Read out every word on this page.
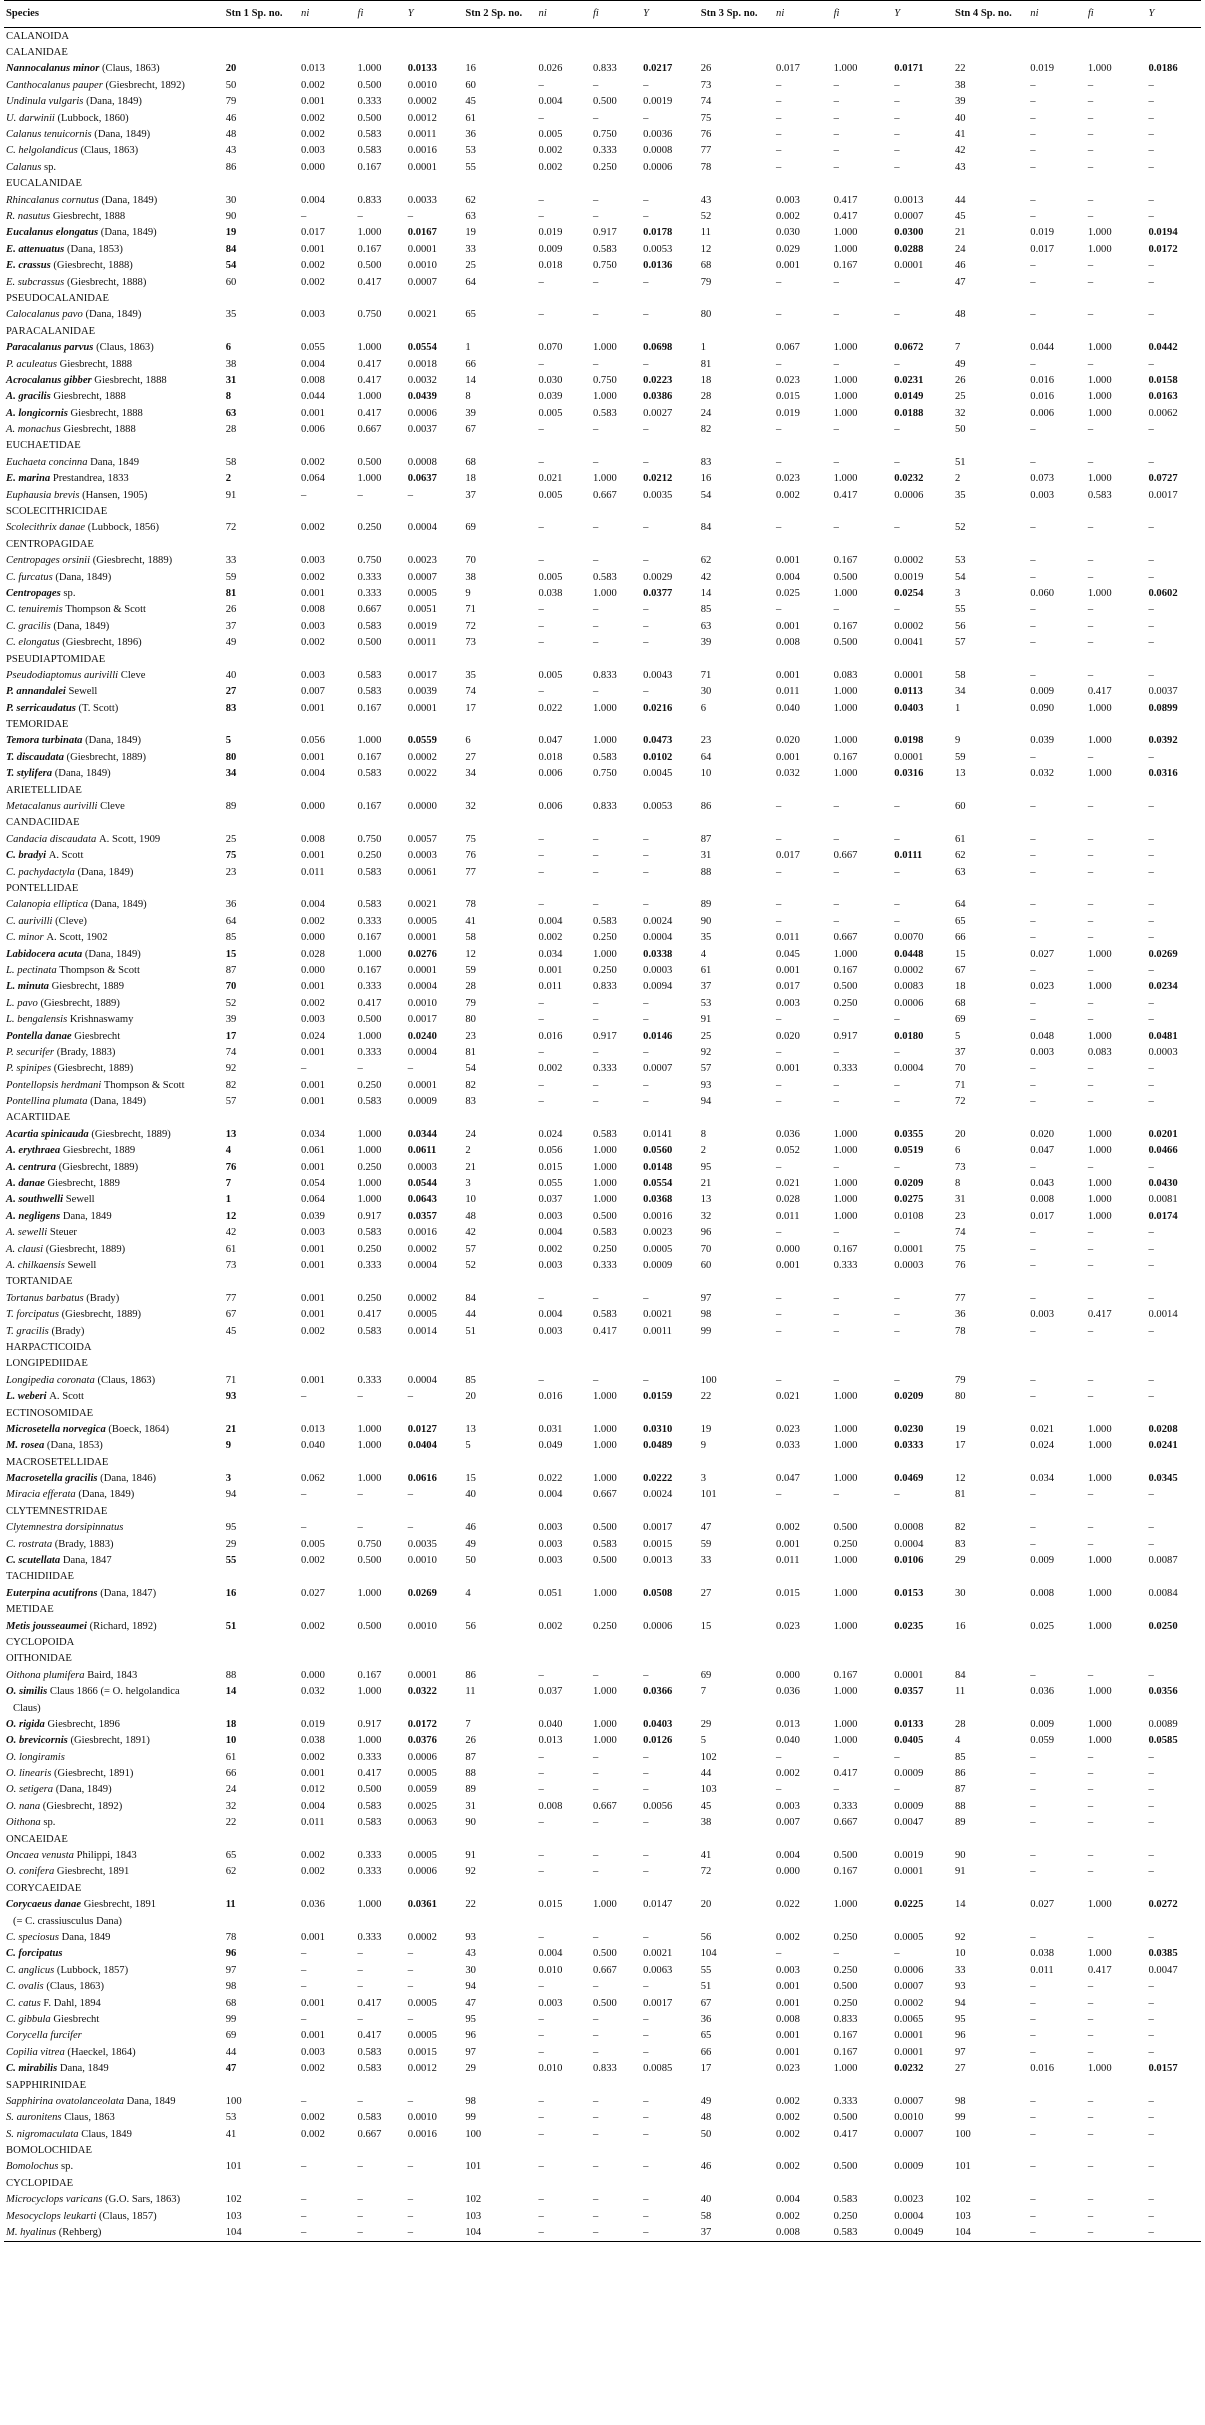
Species	Stn 1 Sp. no.	ni	fi	Y	Stn 2 Sp. no.	ni	fi	Y	Stn 3 Sp. no.	ni	fi	Y	Stn 4 Sp. no.	ni	fi	Y
CALANOIDA																
CALANIDAE																
Nannocalanus minor (Claus, 1863)	20	0.013	1.000	0.0133	16	0.026	0.833	0.0217	26	0.017	1.000	0.0171	22	0.019	1.000	0.0186
Canthocalanus pauper (Giesbrecht, 1892)	50	0.002	0.500	0.0010	60	–	–	–	73	–	–	–	38	–	–	–
Undinula vulgaris (Dana, 1849)	79	0.001	0.333	0.0002	45	0.004	0.500	0.0019	74	–	–	–	39	–	–	–
U. darwinii (Lubbock, 1860)	46	0.002	0.500	0.0012	61	–	–	–	75	–	–	–	40	–	–	–
Calanus tenuicornis (Dana, 1849)	48	0.002	0.583	0.0011	36	0.005	0.750	0.0036	76	–	–	–	41	–	–	–
C. helgolandicus (Claus, 1863)	43	0.003	0.583	0.0016	53	0.002	0.333	0.0008	77	–	–	–	42	–	–	–
Calanus sp.	86	0.000	0.167	0.0001	55	0.002	0.250	0.0006	78	–	–	–	43	–	–	–
EUCALANIDAE																
Rhincalanus cornutus (Dana, 1849)	30	0.004	0.833	0.0033	62	–	–	–	43	0.003	0.417	0.0013	44	–	–	–
R. nasutus Giesbrecht, 1888	90	–	–	–	63	–	–	–	52	0.002	0.417	0.0007	45	–	–	–
Eucalanus elongatus (Dana, 1849)	19	0.017	1.000	0.0167	19	0.019	0.917	0.0178	11	0.030	1.000	0.0300	21	0.019	1.000	0.0194
E. attenuatus (Dana, 1853)	84	0.001	0.167	0.0001	33	0.009	0.583	0.0053	12	0.029	1.000	0.0288	24	0.017	1.000	0.0172
E. crassus (Giesbrecht, 1888)	54	0.002	0.500	0.0010	25	0.018	0.750	0.0136	68	0.001	0.167	0.0001	46	–	–	–
E. subcrassus (Giesbrecht, 1888)	60	0.002	0.417	0.0007	64	–	–	–	79	–	–	–	47	–	–	–
PSEUDOCALANIDAE																
Calocalanus pavo (Dana, 1849)	35	0.003	0.750	0.0021	65	–	–	–	80	–	–	–	48	–	–	–
PARACALANIDAE																
Paracalanus parvus (Claus, 1863)	6	0.055	1.000	0.0554	1	0.070	1.000	0.0698	1	0.067	1.000	0.0672	7	0.044	1.000	0.0442
P. aculeatus Giesbrecht, 1888	38	0.004	0.417	0.0018	66	–	–	–	81	–	–	–	49	–	–	–
Acrocalanus gibber Giesbrecht, 1888	31	0.008	0.417	0.0032	14	0.030	0.750	0.0223	18	0.023	1.000	0.0231	26	0.016	1.000	0.0158
A. gracilis Giesbrecht, 1888	8	0.044	1.000	0.0439	8	0.039	1.000	0.0386	28	0.015	1.000	0.0149	25	0.016	1.000	0.0163
A. longicornis Giesbrecht, 1888	63	0.001	0.417	0.0006	39	0.005	0.583	0.0027	24	0.019	1.000	0.0188	32	0.006	1.000	0.0062
A. monachus Giesbrecht, 1888	28	0.006	0.667	0.0037	67	–	–	–	82	–	–	–	50	–	–	–
EUCHAETIDAE																
Euchaeta concinna Dana, 1849	58	0.002	0.500	0.0008	68	–	–	–	83	–	–	–	51	–	–	–
E. marina Prestandrea, 1833	2	0.064	1.000	0.0637	18	0.021	1.000	0.0212	16	0.023	1.000	0.0232	2	0.073	1.000	0.0727
Euphausia brevis (Hansen, 1905)	91	–	–	–	37	0.005	0.667	0.0035	54	0.002	0.417	0.0006	35	0.003	0.583	0.0017
SCOLECITHRICIDAE																
Scolecithrix danae (Lubbock, 1856)	72	0.002	0.250	0.0004	69	–	–	–	84	–	–	–	52	–	–	–
CENTROPAGIDAE																
Centropages orsinii (Giesbrecht, 1889)	33	0.003	0.750	0.0023	70	–	–	–	62	0.001	0.167	0.0002	53	–	–	–
C. furcatus (Dana, 1849)	59	0.002	0.333	0.0007	38	0.005	0.583	0.0029	42	0.004	0.500	0.0019	54	–	–	–
Centropages sp.	81	0.001	0.333	0.0005	9	0.038	1.000	0.0377	14	0.025	1.000	0.0254	3	0.060	1.000	0.0602
C. tenuiremis Thompson & Scott	26	0.008	0.667	0.0051	71	–	–	–	85	–	–	–	55	–	–	–
C. gracilis (Dana, 1849)	37	0.003	0.583	0.0019	72	–	–	–	63	0.001	0.167	0.0002	56	–	–	–
C. elongatus (Giesbrecht, 1896)	49	0.002	0.500	0.0011	73	–	–	–	39	0.008	0.500	0.0041	57	–	–	–
PSEUDIAPTOMIDAE																
Pseudodiaptomus aurivilli Cleve	40	0.003	0.583	0.0017	35	0.005	0.833	0.0043	71	0.001	0.083	0.0001	58	–	–	–
P. annandalei Sewell	27	0.007	0.583	0.0039	74	–	–	–	30	0.011	1.000	0.0113	34	0.009	0.417	0.0037
P. serricaudatus (T. Scott)	83	0.001	0.167	0.0001	17	0.022	1.000	0.0216	6	0.040	1.000	0.0403	1	0.090	1.000	0.0899
TEMORIDAE																
Temora turbinata (Dana, 1849)	5	0.056	1.000	0.0559	6	0.047	1.000	0.0473	23	0.020	1.000	0.0198	9	0.039	1.000	0.0392
T. discaudata (Giesbrecht, 1889)	80	0.001	0.167	0.0002	27	0.018	0.583	0.0102	64	0.001	0.167	0.0001	59	–	–	–
T. stylifera (Dana, 1849)	34	0.004	0.583	0.0022	34	0.006	0.750	0.0045	10	0.032	1.000	0.0316	13	0.032	1.000	0.0316
ARIETELLIDAE																
Metacalanus aurivilli Cleve	89	0.000	0.167	0.0000	32	0.006	0.833	0.0053	86	–	–	–	60	–	–	–
CANDACIIDAE																
Candacia discaudata A. Scott, 1909	25	0.008	0.750	0.0057	75	–	–	–	87	–	–	–	61	–	–	–
C. bradyi A. Scott	75	0.001	0.250	0.0003	76	–	–	–	31	0.017	0.667	0.0111	62	–	–	–
C. pachydactyla (Dana, 1849)	23	0.011	0.583	0.0061	77	–	–	–	88	–	–	–	63	–	–	–
PONTELLIDAE																
Calanopia elliptica (Dana, 1849)	36	0.004	0.583	0.0021	78	–	–	–	89	–	–	–	64	–	–	–
C. aurivilli (Cleve)	64	0.002	0.333	0.0005	41	0.004	0.583	0.0024	90	–	–	–	65	–	–	–
C. minor A. Scott, 1902	85	0.000	0.167	0.0001	58	0.002	0.250	0.0004	35	0.011	0.667	0.0070	66	–	–	–
Labidocera acuta (Dana, 1849)	15	0.028	1.000	0.0276	12	0.034	1.000	0.0338	4	0.045	1.000	0.0448	15	0.027	1.000	0.0269
L. pectinata Thompson & Scott	87	0.000	0.167	0.0001	59	0.001	0.250	0.0003	61	0.001	0.167	0.0002	67	–	–	–
L. minuta Giesbrecht, 1889	70	0.001	0.333	0.0004	28	0.011	0.833	0.0094	37	0.017	0.500	0.0083	18	0.023	1.000	0.0234
L. pavo (Giesbrecht, 1889)	52	0.002	0.417	0.0010	79	–	–	–	53	0.003	0.250	0.0006	68	–	–	–
L. bengalensis Krishnaswamy	39	0.003	0.500	0.0017	80	–	–	–	91	–	–	–	69	–	–	–
Pontella danae Giesbrecht	17	0.024	1.000	0.0240	23	0.016	0.917	0.0146	25	0.020	0.917	0.0180	5	0.048	1.000	0.0481
P. securifer (Brady, 1883)	74	0.001	0.333	0.0004	81	–	–	–	92	–	–	–	37	0.003	0.083	0.0003
P. spinipes (Giesbrecht, 1889)	92	–	–	–	54	0.002	0.333	0.0007	57	0.001	0.333	0.0004	70	–	–	–
Pontellopsis herdmani Thompson & Scott	82	0.001	0.250	0.0001	82	–	–	–	93	–	–	–	71	–	–	–
Pontellina plumata (Dana, 1849)	57	0.001	0.583	0.0009	83	–	–	–	94	–	–	–	72	–	–	–
ACARTIIDAE																
Acartia spinicauda (Giesbrecht, 1889)	13	0.034	1.000	0.0344	24	0.024	0.583	0.0141	8	0.036	1.000	0.0355	20	0.020	1.000	0.0201
A. erythraea Giesbrecht, 1889	4	0.061	1.000	0.0611	2	0.056	1.000	0.0560	2	0.052	1.000	0.0519	6	0.047	1.000	0.0466
A. centrura (Giesbrecht, 1889)	76	0.001	0.250	0.0003	21	0.015	1.000	0.0148	95	–	–	–	73	–	–	–
A. danae Giesbrecht, 1889	7	0.054	1.000	0.0544	3	0.055	1.000	0.0554	21	0.021	1.000	0.0209	8	0.043	1.000	0.0430
A. southwelli Sewell	1	0.064	1.000	0.0643	10	0.037	1.000	0.0368	13	0.028	1.000	0.0275	31	0.008	1.000	0.0081
A. negligens Dana, 1849	12	0.039	0.917	0.0357	48	0.003	0.500	0.0016	32	0.011	1.000	0.0108	23	0.017	1.000	0.0174
A. sewelli Steuer	42	0.003	0.583	0.0016	42	0.004	0.583	0.0023	96	–	–	–	74	–	–	–
A. clausi (Giesbrecht, 1889)	61	0.001	0.250	0.0002	57	0.002	0.250	0.0005	70	0.000	0.167	0.0001	75	–	–	–
A. chilkaensis Sewell	73	0.001	0.333	0.0004	52	0.003	0.333	0.0009	60	0.001	0.333	0.0003	76	–	–	–
TORTANIDAE																
Tortanus barbatus (Brady)	77	0.001	0.250	0.0002	84	–	–	–	97	–	–	–	77	–	–	–
T. forcipatus (Giesbrecht, 1889)	67	0.001	0.417	0.0005	44	0.004	0.583	0.0021	98	–	–	–	36	0.003	0.417	0.0014
T. gracilis (Brady)	45	0.002	0.583	0.0014	51	0.003	0.417	0.0011	99	–	–	–	78	–	–	–
HARPACTICOIDA																
LONGIPEDIIDAE																
Longipedia coronata (Claus, 1863)	71	0.001	0.333	0.0004	85	–	–	–	100	–	–	–	79	–	–	–
L. weberi A. Scott	93	–	–	–	20	0.016	1.000	0.0159	22	0.021	1.000	0.0209	80	–	–	–
ECTINOSOMIDAE																
Microsetella norvegica (Boeck, 1864)	21	0.013	1.000	0.0127	13	0.031	1.000	0.0310	19	0.023	1.000	0.0230	19	0.021	1.000	0.0208
M. rosea (Dana, 1853)	9	0.040	1.000	0.0404	5	0.049	1.000	0.0489	9	0.033	1.000	0.0333	17	0.024	1.000	0.0241
MACROSETELLIDAE																
Macrosetella gracilis (Dana, 1846)	3	0.062	1.000	0.0616	15	0.022	1.000	0.0222	3	0.047	1.000	0.0469	12	0.034	1.000	0.0345
Miracia efferata (Dana, 1849)	94	–	–	–	40	0.004	0.667	0.0024	101	–	–	–	81	–	–	–
CLYTEMNESTRIDAE																
Clytemnestra dorsipinnatus	95	–	–	–	46	0.003	0.500	0.0017	47	0.002	0.500	0.0008	82	–	–	–
C. rostrata (Brady, 1883)	29	0.005	0.750	0.0035	49	0.003	0.583	0.0015	59	0.001	0.250	0.0004	83	–	–	–
C. scutellata Dana, 1847	55	0.002	0.500	0.0010	50	0.003	0.500	0.0013	33	0.011	1.000	0.0106	29	0.009	1.000	0.0087
TACHIDIIDAE																
Euterpina acutifrons (Dana, 1847)	16	0.027	1.000	0.0269	4	0.051	1.000	0.0508	27	0.015	1.000	0.0153	30	0.008	1.000	0.0084
METIDAE																
Metis jousseaumei (Richard, 1892)	51	0.002	0.500	0.0010	56	0.002	0.250	0.0006	15	0.023	1.000	0.0235	16	0.025	1.000	0.0250
CYCLOPOIDA																
OITHONIDAE																
Oithona plumifera Baird, 1843	88	0.000	0.167	0.0001	86	–	–	–	69	0.000	0.167	0.0001	84	–	–	–
O. similis Claus 1866 (= O. helgolandica	14	0.032	1.000	0.0322	11	0.037	1.000	0.0366	7	0.036	1.000	0.0357	11	0.036	1.000	0.0356
Claus)																
O. rigida Giesbrecht, 1896	18	0.019	0.917	0.0172	7	0.040	1.000	0.0403	29	0.013	1.000	0.0133	28	0.009	1.000	0.0089
O. brevicornis (Giesbrecht, 1891)	10	0.038	1.000	0.0376	26	0.013	1.000	0.0126	5	0.040	1.000	0.0405	4	0.059	1.000	0.0585
O. longiramis	61	0.002	0.333	0.0006	87	–	–	–	102	–	–	–	85	–	–	–
O. linearis (Giesbrecht, 1891)	66	0.001	0.417	0.0005	88	–	–	–	44	0.002	0.417	0.0009	86	–	–	–
O. setigera (Dana, 1849)	24	0.012	0.500	0.0059	89	–	–	–	103	–	–	–	87	–	–	–
O. nana (Giesbrecht, 1892)	32	0.004	0.583	0.0025	31	0.008	0.667	0.0056	45	0.003	0.333	0.0009	88	–	–	–
Oithona sp.	22	0.011	0.583	0.0063	90	–	–	–	38	0.007	0.667	0.0047	89	–	–	–
ONCAEIDAE																
Oncaea venusta Philippi, 1843	65	0.002	0.333	0.0005	91	–	–	–	41	0.004	0.500	0.0019	90	–	–	–
O. conifera Giesbrecht, 1891	62	0.002	0.333	0.0006	92	–	–	–	72	0.000	0.167	0.0001	91	–	–	–
CORYCAEIDAE																
Corycaeus danae Giesbrecht, 1891	11	0.036	1.000	0.0361	22	0.015	1.000	0.0147	20	0.022	1.000	0.0225	14	0.027	1.000	0.0272
(= C. crassiusculus Dana)																
C. speciosus Dana, 1849	78	0.001	0.333	0.0002	93	–	–	–	56	0.002	0.250	0.0005	92	–	–	–
C. forcipatus	96	–	–	–	43	0.004	0.500	0.0021	104	–	–	–	10	0.038	1.000	0.0385
C. anglicus (Lubbock, 1857)	97	–	–	–	30	0.010	0.667	0.0063	55	0.003	0.250	0.0006	33	0.011	0.417	0.0047
C. ovalis (Claus, 1863)	98	–	–	–	94	–	–	–	51	0.001	0.500	0.0007	93	–	–	–
C. catus F. Dahl, 1894	68	0.001	0.417	0.0005	47	0.003	0.500	0.0017	67	0.001	0.250	0.0002	94	–	–	–
C. gibbula Giesbrecht	99	–	–	–	95	–	–	–	36	0.008	0.833	0.0065	95	–	–	–
Corycella furcifer	69	0.001	0.417	0.0005	96	–	–	–	65	0.001	0.167	0.0001	96	–	–	–
Copilia vitrea (Haeckel, 1864)	44	0.003	0.583	0.0015	97	–	–	–	66	0.001	0.167	0.0001	97	–	–	–
C. mirabilis Dana, 1849	47	0.002	0.583	0.0012	29	0.010	0.833	0.0085	17	0.023	1.000	0.0232	27	0.016	1.000	0.0157
SAPPHIRINIDAE																
Sapphirina ovatolanceolata Dana, 1849	100	–	–	–	98	–	–	–	49	0.002	0.333	0.0007	98	–	–	–
S. auronitens Claus, 1863	53	0.002	0.583	0.0010	99	–	–	–	48	0.002	0.500	0.0010	99	–	–	–
S. nigromaculata Claus, 1849	41	0.002	0.667	0.0016	100	–	–	–	50	0.002	0.417	0.0007	100	–	–	–
BOMOLOCHIDAE																
Bomolochus sp.	101	–	–	–	101	–	–	–	46	0.002	0.500	0.0009	101	–	–	–
CYCLOPIDAE																
Microcyclops varicans (G.O. Sars, 1863)	102	–	–	–	102	–	–	–	40	0.004	0.583	0.0023	102	–	–	–
Mesocyclops leukarti (Claus, 1857)	103	–	–	–	103	–	–	–	58	0.002	0.250	0.0004	103	–	–	–
M. hyalinus (Rehberg)	104	–	–	–	104	–	–	–	37	0.008	0.583	0.0049	104	–	–	–
